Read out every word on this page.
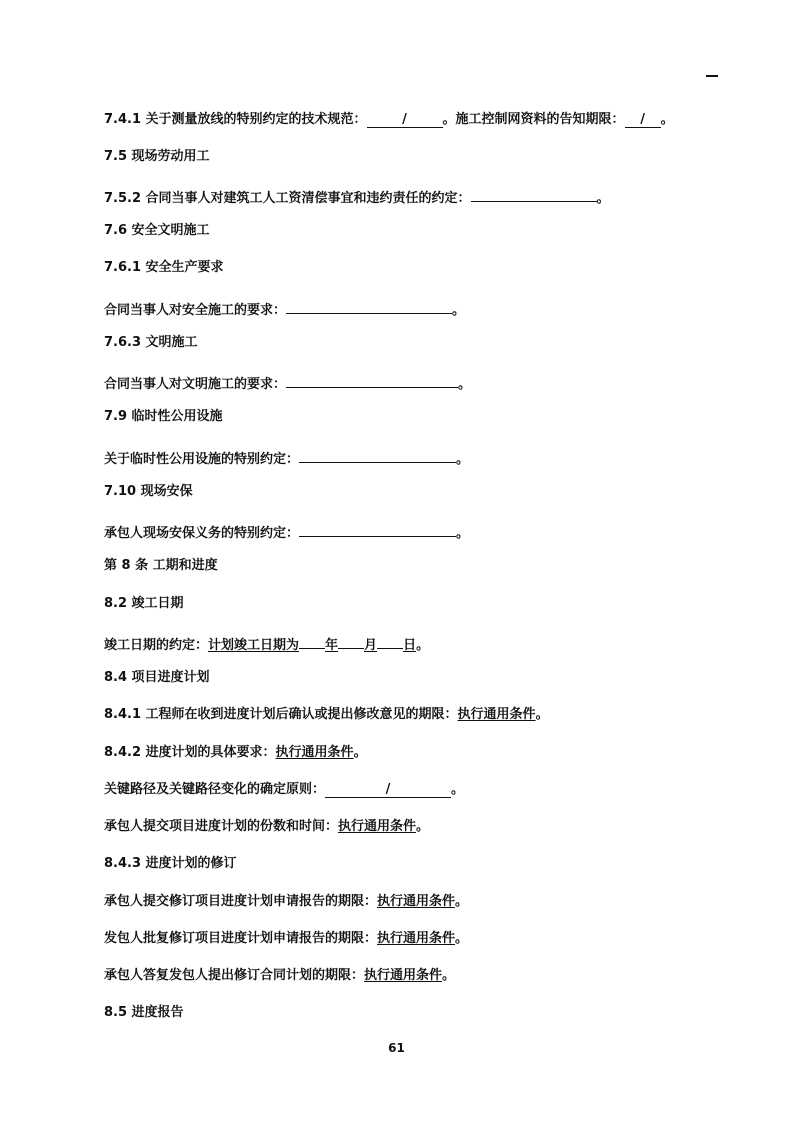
7.4.1 关于测量放线的特别约定的技术规范：	/	。施工控制网资料的告知期限： / 。
7.5 现场劳动用工
7.5.2 合同当事人对建筑工人工资清偿事宜和违约责任的约定：	。
7.6 安全文明施工
7.6.1 安全生产要求
合同当事人对安全施工的要求：	。
7.6.3 文明施工
合同当事人对文明施工的要求：	。
7.9 临时性公用设施
关于临时性公用设施的特别约定：	。
7.10 现场安保
承包人现场安保义务的特别约定：	。
第 8 条 工期和进度
8.2 竣工日期
竣工日期的约定：计划竣工日期为 年 月 日。
8.4 项目进度计划
8.4.1 工程师在收到进度计划后确认或提出修改意见的期限：执行通用条件。
8.4.2 进度计划的具体要求：执行通用条件。
关键路径及关键路径变化的确定原则：	/	。
承包人提交项目进度计划的份数和时间：执行通用条件。
8.4.3 进度计划的修订
承包人提交修订项目进度计划申请报告的期限：执行通用条件。
发包人批复修订项目进度计划申请报告的期限：执行通用条件。
承包人答复发包人提出修订合同计划的期限：执行通用条件。
8.5 进度报告
61
